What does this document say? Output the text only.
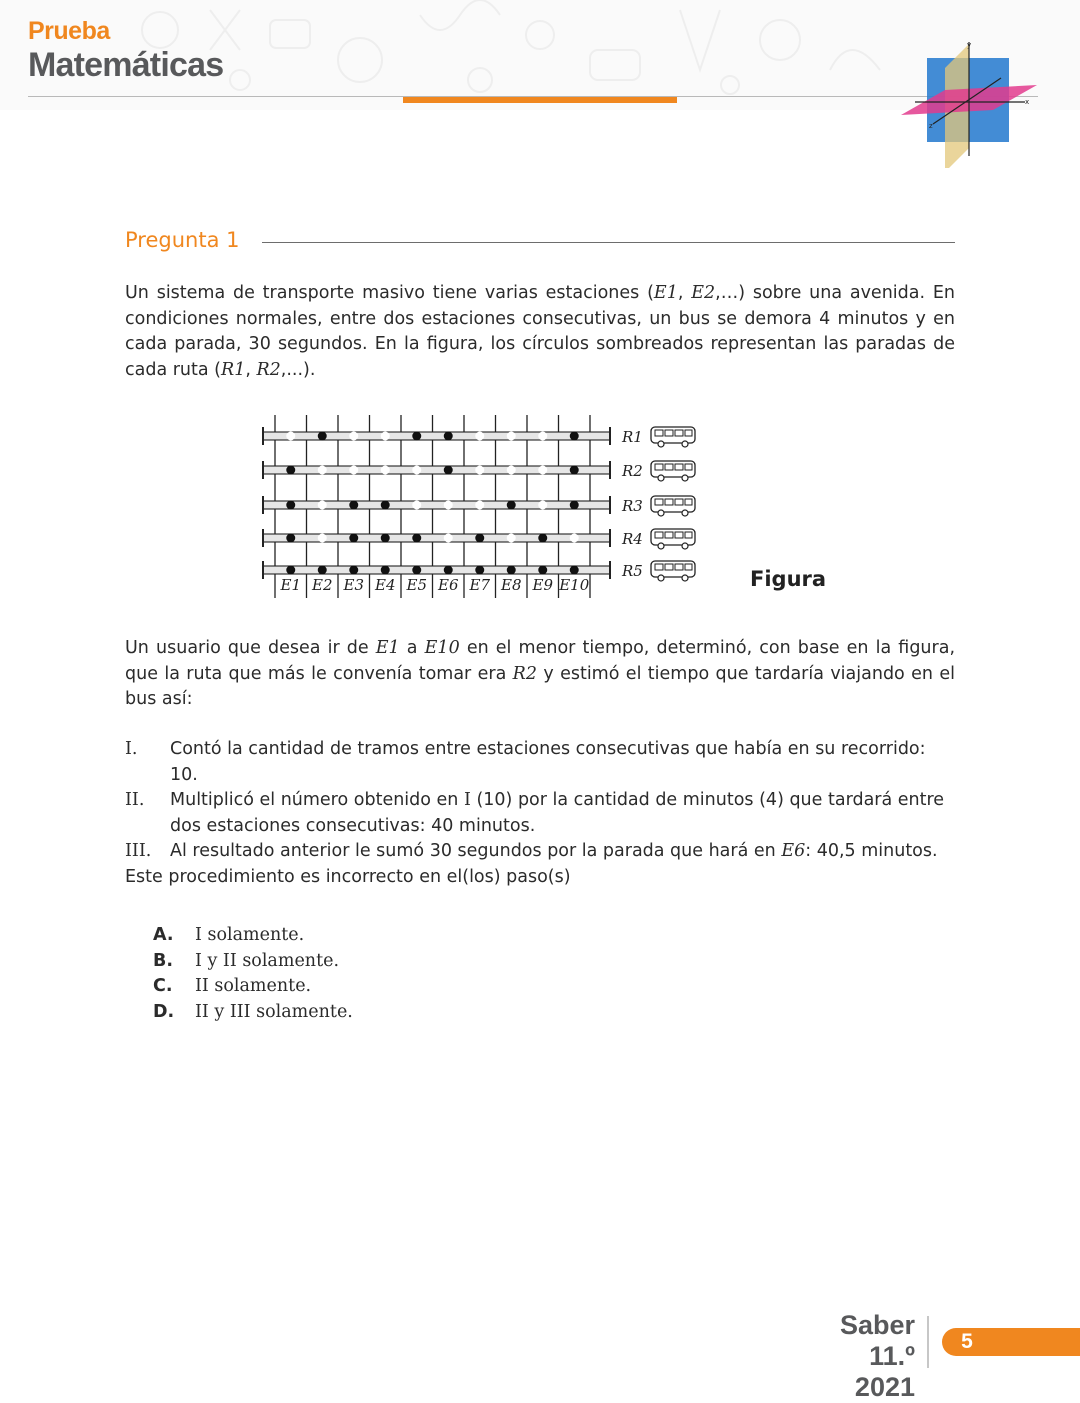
Prueba
Matemáticas
y
x
z
Pregunta 1
Un sistema de transporte masivo tiene varias estaciones (E1, E2,…) sobre una avenida. En condiciones normales, entre dos estaciones consecutivas, un bus se demora 4 minutos y en cada parada, 30 segundos. En la figura, los círculos sombreados representan las paradas de cada ruta (R1, R2,...).
R1
R2
R3
R4
R5
E1 E2 E3 E4 E5 E6 E7 E8 E9 E10	Figura
Un usuario que desea ir de E1 a E10 en el menor tiempo, determinó, con base en la figura, que la ruta que más le convenía tomar era R2 y estimó el tiempo que tardaría viajando en el bus así:
I. Contó la cantidad de tramos entre estaciones consecutivas que había en su recorrido: 10.
II. Multiplicó el número obtenido en I (10) por la cantidad de minutos (4) que tardará entre dos estaciones consecutivas: 40 minutos.
III. Al resultado anterior le sumó 30 segundos por la parada que hará en E6: 40,5 minutos.
Este procedimiento es incorrecto en el(los) paso(s)
A. I solamente.
B. I y II solamente.
C. II solamente.
D. II y III solamente.
Saber 11.º
2021
5
